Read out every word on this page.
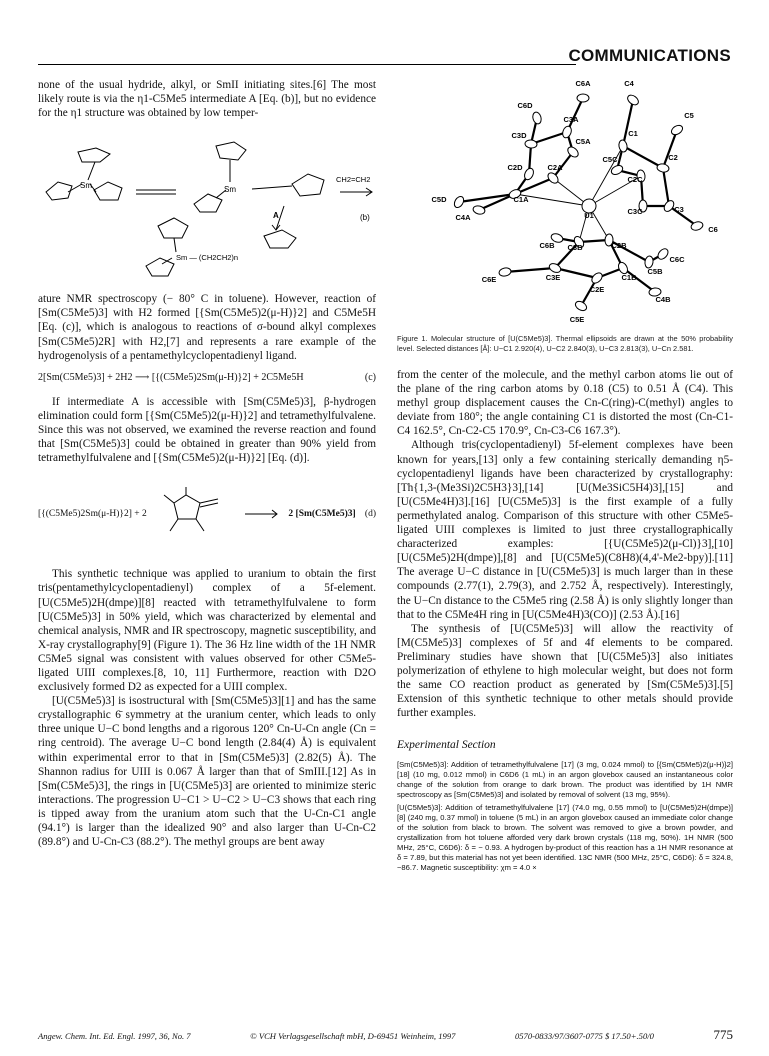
COMMUNICATIONS

none of the usual hydride, alkyl, or SmII initiating sites.[6] The most likely route is via the η1-C5Me5 intermediate A [Eq. (b)], but no evidence for the η1 structure was obtained by low temper-

Sm	Sm
CH2=CH2
A	(b)
Sm — (CH2CH2)n

ature NMR spectroscopy (− 80° C in toluene). However, reaction of [Sm(C5Me5)3] with H2 formed [{Sm(C5Me5)2(μ-H)}2] and C5Me5H [Eq. (c)], which is analogous to reactions of σ-bound alkyl complexes [Sm(C5Me5)2R] with H2,[7] and represents a rare example of the hydrogenolysis of a pentamethylcyclopentadienyl ligand.

2[Sm(C5Me5)3] + 2H2 ⟶ [{(C5Me5)2Sm(μ-H)}2] + 2C5Me5H	(c)

If intermediate A is accessible with [Sm(C5Me5)3], β-hydrogen elimination could form [{Sm(C5Me5)2(μ-H)}2] and tetramethylfulvalene. Since this was not observed, we examined the reverse reaction and found that [Sm(C5Me5)3] could be obtained in greater than 90% yield from tetramethylfulvalene and [{Sm(C5Me5)2(μ-H)}2] [Eq. (d)].

[{(C5Me5)2Sm(μ-H)}2] + 2	→ 2 [Sm(C5Me5)3] (d)

This synthetic technique was applied to uranium to obtain the first tris(pentamethylcyclopentadienyl) complex of a 5f-element. [U(C5Me5)2H(dmpe)][8] reacted with tetramethylfulvalene to form [U(C5Me5)3] in 50% yield, which was characterized by elemental and chemical analysis, NMR and IR spectroscopy, magnetic susceptibility, and X-ray crystallography[9] (Figure 1). The 36 Hz line width of the 1H NMR C5Me5 signal was consistent with values observed for other C5Me5-ligated UIII complexes.[8, 10, 11] Furthermore, reaction with D2O exclusively formed D2 as expected for a UIII complex.

[U(C5Me5)3] is isostructural with [Sm(C5Me5)3][1] and has the same crystallographic 6̄ symmetry at the uranium center, which leads to only three unique U−C bond lengths and a rigorous 120° Cn-U-Cn angle (Cn = ring centroid). The average U−C bond length (2.84(4) Å) is equivalent within experimental error to that in [Sm(C5Me5)3] (2.82(5) Å). The Shannon radius for UIII is 0.067 Å larger than that of SmIII.[12] As in [Sm(C5Me5)3], the rings in [U(C5Me5)3] are oriented to minimize steric interactions. The progression U−C1 > U−C2 > U−C3 shows that each ring is tipped away from the uranium atom such that the U-Cn-C1 angle (94.1°) is larger than the idealized 90° and also larger than U-Cn-C2 (89.8°) and U-Cn-C3 (88.2°). The methyl groups are bent away

C6A	C4
C6D
C3A	C5
C3D
C5A
C1
C2D
C5C	C2
C2A
C2C
C5D	C1A
C4A	U1	C3C	C3
C6
C6B C3B	C2B
C6C
C6E	C3E	C1B
C5B
C2E
C4B
C5E
Figure 1. Molecular structure of [U(C5Me5)3]. Thermal ellipsoids are drawn at the 50% probability level. Selected distances [Å]: U−C1 2.920(4), U−C2 2.840(3), U−C3 2.813(3), U−Cn 2.581.

from the center of the molecule, and the methyl carbon atoms lie out of the plane of the ring carbon atoms by 0.18 (C5) to 0.51 Å (C4). This methyl group displacement causes the Cn-C(ring)-C(methyl) angles to deviate from 180°; the angle containing C1 is distorted the most (Cn-C1-C4 162.5°, Cn-C2-C5 170.9°, Cn-C3-C6 167.3°).

Although tris(cyclopentadienyl) 5f-element complexes have been known for years,[13] only a few containing sterically demanding η5-cyclopentadienyl ligands have been characterized by crystallography: [Th{1,3-(Me3Si)2C5H3}3],[14] [U(Me3SiC5H4)3],[15] and [U(C5Me4H)3].[16] [U(C5Me5)3] is the first example of a fully permethylated analog. Comparison of this structure with other C5Me5-ligated UIII complexes is limited to just three crystallographically characterized examples: [{U(C5Me5)2(μ-Cl)}3],[10] [U(C5Me5)2H(dmpe)],[8] and [U(C5Me5)(C8H8)(4,4'-Me2-bpy)].[11] The average U−C distance in [U(C5Me5)3] is much larger than in these compounds (2.77(1), 2.79(3), and 2.752 Å, respectively). Interestingly, the U−Cn distance to the C5Me5 ring (2.58 Å) is only slightly longer than that to the C5Me4H ring in [U(C5Me4H)3(CO)] (2.53 Å).[16]

The synthesis of [U(C5Me5)3] will allow the reactivity of [M(C5Me5)3] complexes of 5f and 4f elements to be compared. Preliminary studies have shown that [U(C5Me5)3] also initiates polymerization of ethylene to high molecular weight, but does not form the same CO reaction product as generated by [Sm(C5Me5)3].[5] Extension of this synthetic technique to other metals should provide further examples.

Experimental Section

[Sm(C5Me5)3]: Addition of tetramethylfulvalene [17] (3 mg, 0.024 mmol) to [{Sm(C5Me5)2(μ-H)}2] [18] (10 mg, 0.012 mmol) in C6D6 (1 mL) in an argon glovebox caused an instantaneous color change of the solution from orange to dark brown. The product was identified by 1H NMR spectroscopy as [Sm(C5Me5)3] and isolated by removal of solvent (13 mg, 95%).

[U(C5Me5)3]: Addition of tetramethylfulvalene [17] (74.0 mg, 0.55 mmol) to [U(C5Me5)2H(dmpe)] [8] (240 mg, 0.37 mmol) in toluene (5 mL) in an argon glovebox caused an immediate color change of the solution from black to brown. The solvent was removed to give a brown powder, and crystallization from hot toluene afforded very dark brown crystals (118 mg, 50%). 1H NMR (500 MHz, 25°C, C6D6): δ = − 0.93. A hydrogen by-product of this reaction has a 1H NMR resonance at δ = 7.89, but this material has not yet been identified. 13C NMR (500 MHz, 25°C, C6D6): δ = 324.8, −86.7. Magnetic susceptibility: χm = 4.0 ×

Angew. Chem. Int. Ed. Engl. 1997, 36, No. 7	© VCH Verlagsgesellschaft mbH, D-69451 Weinheim, 1997	0570-0833/97/3607-0775 $ 17.50+.50/0	775
